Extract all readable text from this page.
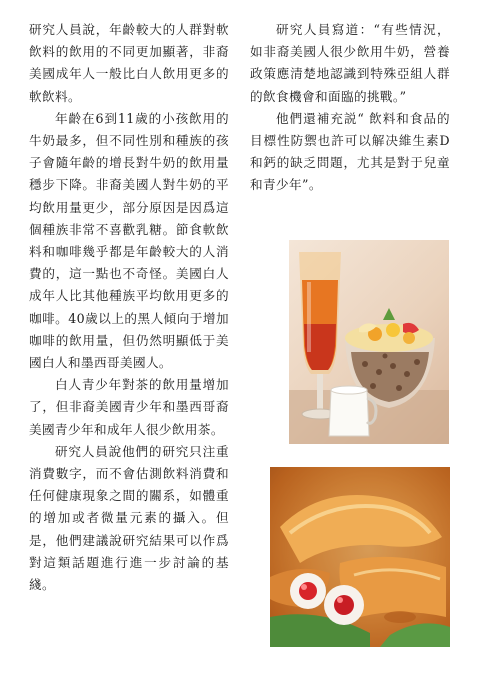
研究人員說，年齡較大的人群對軟飲料的飲用的不同更加顯著，非裔美國成年人一般比白人飲用更多的軟飲料。

年齡在6到11歲的小孩飲用的牛奶最多，但不同性別和種族的孩子會隨年齡的增長對牛奶的飲用量穩步下降。非裔美國人對牛奶的平均飲用量更少，部分原因是因爲這個種族非常不喜歡乳糖。節食軟飲料和咖啡幾乎都是年齡較大的人消費的，這一點也不奇怪。美國白人成年人比其他種族平均飲用更多的咖啡。40歲以上的黑人傾向于增加咖啡的飲用量，但仍然明顯低于美國白人和墨西哥美國人。

白人青少年對茶的飲用量增加了，但非裔美國青少年和墨西哥裔美國青少年和成年人很少飲用茶。

研究人員說他們的研究只注重消費數字，而不會估測飲料消費和任何健康現象之間的關系，如體重的增加或者微量元素的攝入。但是，他們建議說研究結果可以作爲對這類話題進行進一步討論的基綫。

研究人員寫道：“有些情況，如非裔美國人很少飲用牛奶，營養政策應清楚地認識到特殊亞組人群的飲食機會和面臨的挑戰。”

他們還補充説“ 飲料和食品的目標性防禦也許可以解决維生素D和鈣的缺乏問題，尤其是對于兒童和青少年”。
